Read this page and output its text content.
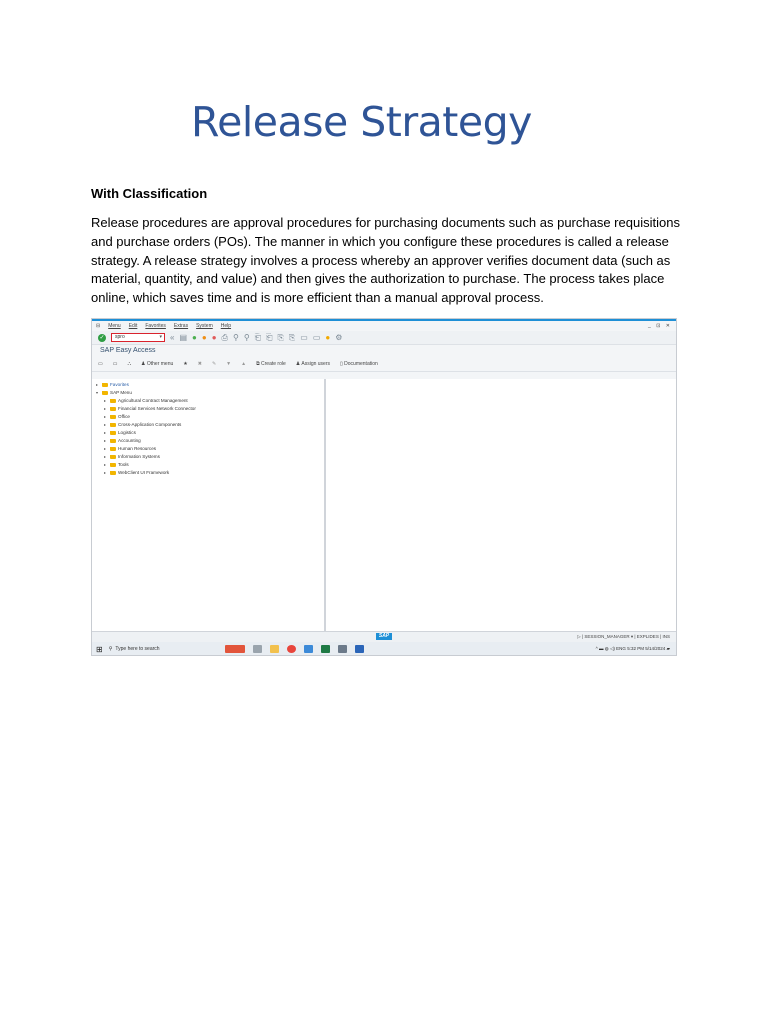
Release Strategy
With Classification
Release procedures are approval procedures for purchasing documents such as purchase requisitions
and purchase orders (POs). The manner in which you configure these procedures is called a release
strategy. A release strategy involves a process whereby an approver verifies document data (such as
material, quantity, and value) and then gives the authorization to purchase. The process takes place
online, which saves time and is more efficient than a manual approval process.
⊟ Menu Edit Favorites Extras System Help	_ ⊡ ✕
✓	spro ▾	« ▤ ● ● ● ⎙ ⚲ ⚲ ⎗ ⎗ ⎘ ⎘ ▭ ▭ ● ⚙
SAP Easy Access
▭ ▭ ⛬ ♟ Other menu ★ ✖ ✎ ▼ ▲ ⧉ Create role ♟ Assign users ▯ Documentation
▸	Favorites
▾	SAP Menu
▸	Agricultural Contract Management
▸	Financial Services Network Connector
▸	Office
▸	Cross-Application Components
▸	Logistics
▸	Accounting
▸	Human Resources
▸	Information Systems
▸	Tools
▸	WebClient UI Framework
SAP	▷ | SESSION_MANAGER ▾ | EXPLIDES | INS
⊞ ⚲ Type here to search	^ ▬ ◍ ◁) ENG 5:32 PM 5/14/2024 ▰
